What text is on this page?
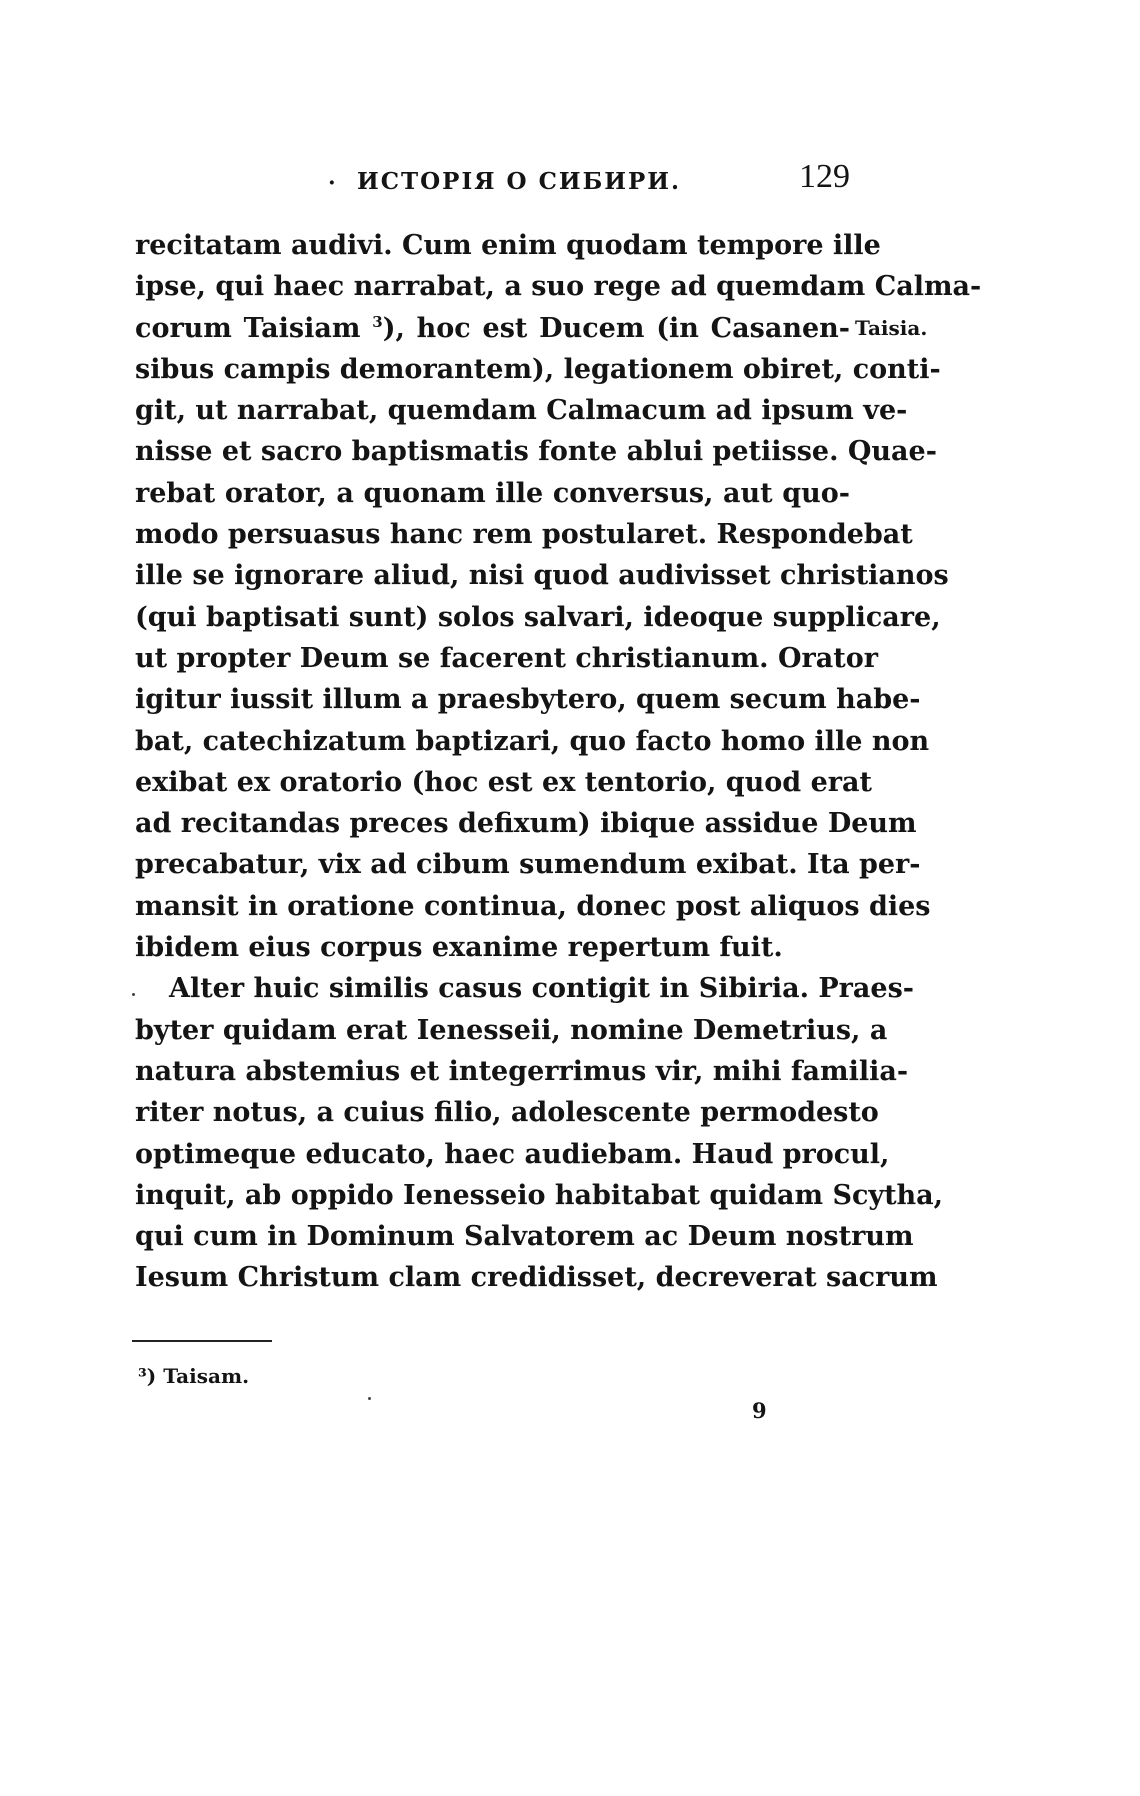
· ИСТОРІЯ О СИБИРИ.	129
Taisia.
recitatam audivi. Cum enim quodam tempore ille
ipse, qui haec narrabat, a suo rege ad quemdam Calma-
corum Taisiam $^3$), hoc est Ducem (in Casanen-
sibus campis demorantem), legationem obiret, conti-
git, ut narrabat, quemdam Calmacum ad ipsum ve-
nisse et sacro baptismatis fonte ablui petiisse. Quae-
rebat orator, a quonam ille conversus, aut quo-
modo persuasus hanc rem postularet. Respondebat
ille se ignorare aliud, nisi quod audivisset christianos
(qui baptisati sunt) solos salvari, ideoque supplicare,
ut propter Deum se facerent christianum. Orator
igitur iussit illum a praesbytero, quem secum habe-
bat, catechizatum baptizari, quo facto homo ille non
exibat ex oratorio (hoc est ex tentorio, quod erat
ad recitandas preces defixum) ibique assidue Deum
precabatur, vix ad cibum sumendum exibat. Ita per-
mansit in oratione continua, donec post aliquos dies
ibidem eius corpus exanime repertum fuit.
Alter huic similis casus contigit in Sibiria. Praes-
byter quidam erat Ienesseii, nomine Demetrius, a
natura abstemius et integerrimus vir, mihi familia-
riter notus, a cuius filio, adolescente permodesto
optimeque educato, haec audiebam. Haud procul,
inquit, ab oppido Ienesseio habitabat quidam Scytha,
qui cum in Dominum Salvatorem ac Deum nostrum
Iesum Christum clam credidisset, decreverat sacrum
³) Taisam.
9
